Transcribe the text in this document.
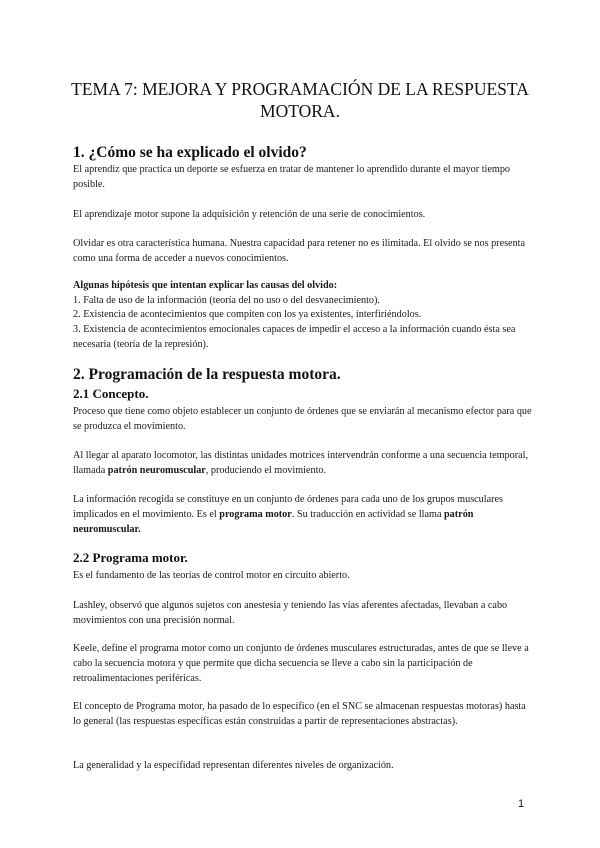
TEMA 7: MEJORA Y PROGRAMACIÓN DE LA RESPUESTA MOTORA.
1. ¿Cómo se ha explicado el olvido?

El aprendiz que practica un deporte se esfuerza en tratar de mantener lo aprendido durante el mayor tiempo posible.

El aprendizaje motor supone la adquisición y retención de una serie de conocimientos.

Olvidar es otra característica humana. Nuestra capacidad para retener no es ilimitada. El olvido se nos presenta como una forma de acceder a nuevos conocimientos.

Algunas hipótesis que intentan explicar las causas del olvido:

1. Falta de uso de la información (teoría del no uso o del desvanecimiento).

2. Existencia de acontecimientos que compiten con los ya existentes, interfiriéndolos.

3. Existencia de acontecimientos emocionales capaces de impedir el acceso a la información cuando ésta sea necesaria (teoría de la represión).

2. Programación de la respuesta motora.
2.1 Concepto.

Proceso que tiene como objeto establecer un conjunto de órdenes que se enviarán al mecanismo efector para que se produzca el movimiento.

Al llegar al aparato locomotor, las distintas unidades motrices intervendrán conforme a una secuencia temporal, llamada patrón neuromuscular, produciendo el movimiento.

La información recogida se constituye en un conjunto de órdenes para cada uno de los grupos musculares implicados en el movimiento. Es el programa motor. Su traducción en actividad se llama patrón neuromuscular.

2.2 Programa motor.

Es el fundamento de las teorías de control motor en circuito abierto.

Lashley, observó que algunos sujetos con anestesia y teniendo las vías aferentes afectadas, llevaban a cabo movimientos con una precisión normal.

Keele, define el programa motor como un conjunto de órdenes musculares estructuradas, antes de que se lleve a cabo la secuencia motora y que permite que dicha secuencia se lleve a cabo sin la participación de retroalimentaciones periféricas.

El concepto de Programa motor, ha pasado de lo específico (en el SNC se almacenan respuestas motoras) hasta lo general (las respuestas específicas están construidas a partir de representaciones abstractas).

La generalidad y la especifidad representan diferentes niveles de organización.

1
